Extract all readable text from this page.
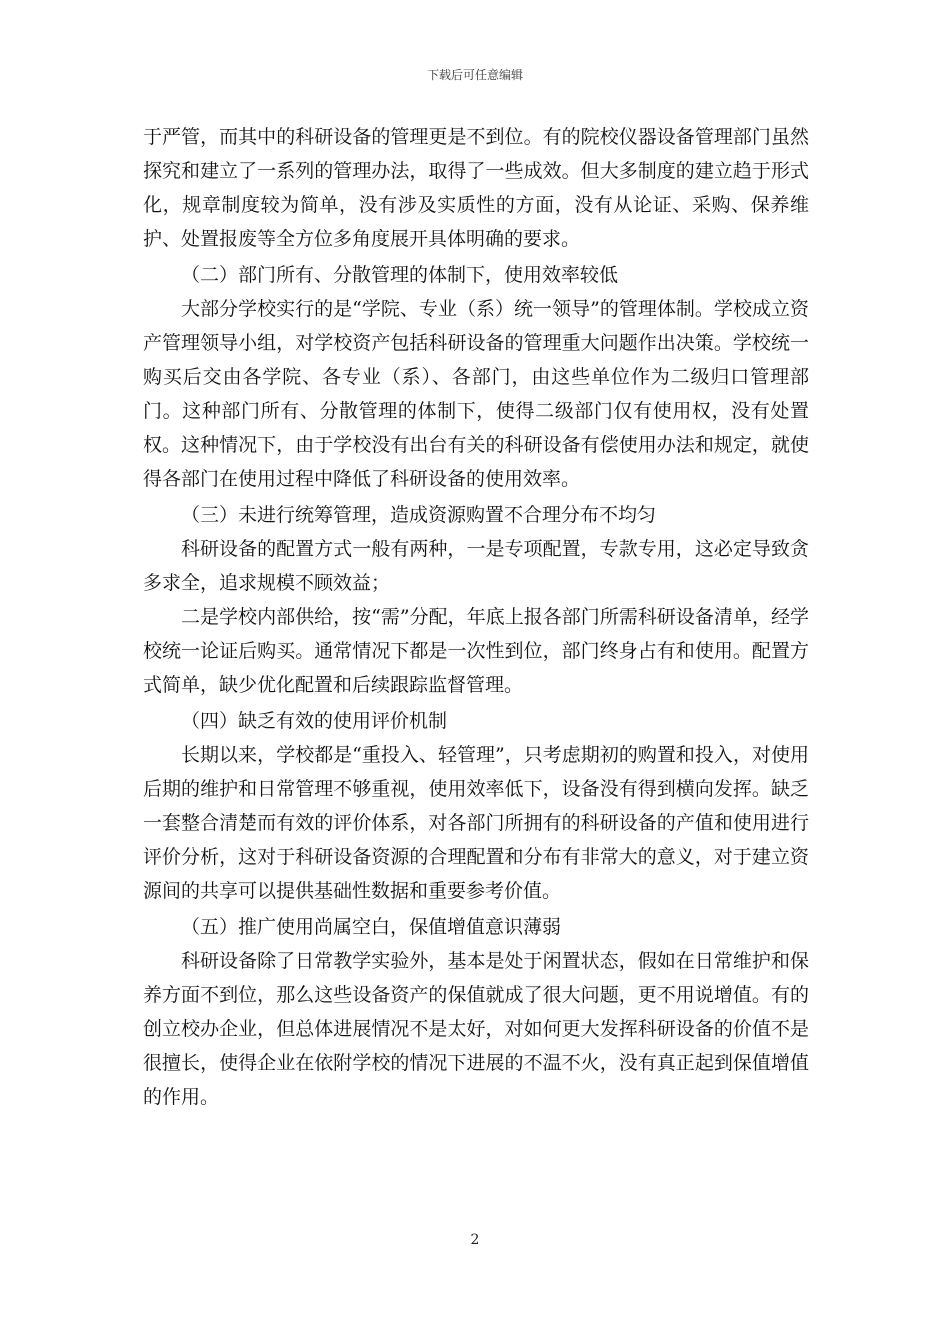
下载后可任意编辑

于严管，而其中的科研设备的管理更是不到位。有的院校仪器设备管理部门虽然探究和建立了一系列的管理办法，取得了一些成效。但大多制度的建立趋于形式化，规章制度较为简单，没有涉及实质性的方面，没有从论证、采购、保养维护、处置报废等全方位多角度展开具体明确的要求。

（二）部门所有、分散管理的体制下，使用效率较低

大部分学校实行的是“学院、专业（系）统一领导”的管理体制。学校成立资产管理领导小组，对学校资产包括科研设备的管理重大问题作出决策。学校统一购买后交由各学院、各专业（系）、各部门，由这些单位作为二级归口管理部门。这种部门所有、分散管理的体制下，使得二级部门仅有使用权，没有处置权。这种情况下，由于学校没有出台有关的科研设备有偿使用办法和规定，就使得各部门在使用过程中降低了科研设备的使用效率。

（三）未进行统筹管理，造成资源购置不合理分布不均匀

科研设备的配置方式一般有两种，一是专项配置，专款专用，这必定导致贪多求全，追求规模不顾效益；

二是学校内部供给，按“需”分配，年底上报各部门所需科研设备清单，经学校统一论证后购买。通常情况下都是一次性到位，部门终身占有和使用。配置方式简单，缺少优化配置和后续跟踪监督管理。

（四）缺乏有效的使用评价机制

长期以来，学校都是“重投入、轻管理”，只考虑期初的购置和投入，对使用后期的维护和日常管理不够重视，使用效率低下，设备没有得到横向发挥。缺乏一套整合清楚而有效的评价体系，对各部门所拥有的科研设备的产值和使用进行评价分析，这对于科研设备资源的合理配置和分布有非常大的意义，对于建立资源间的共享可以提供基础性数据和重要参考价值。

（五）推广使用尚属空白，保值增值意识薄弱

科研设备除了日常教学实验外，基本是处于闲置状态，假如在日常维护和保养方面不到位，那么这些设备资产的保值就成了很大问题，更不用说增值。有的创立校办企业，但总体进展情况不是太好，对如何更大发挥科研设备的价值不是很擅长，使得企业在依附学校的情况下进展的不温不火，没有真正起到保值增值的作用。

2
